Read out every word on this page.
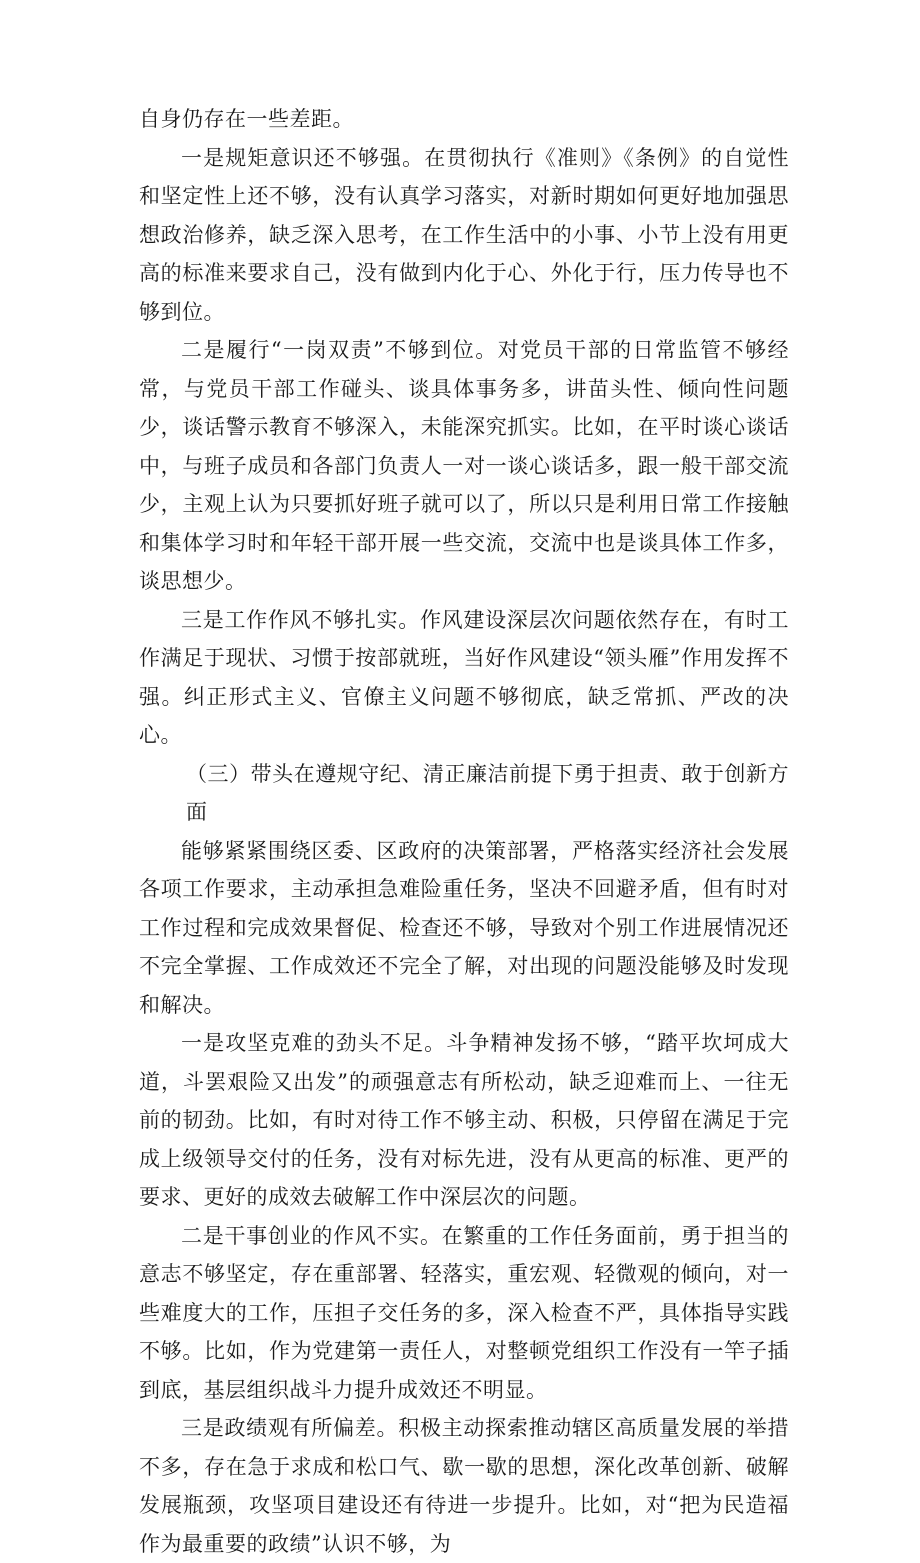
自身仍存在一些差距。

一是规矩意识还不够强。在贯彻执行《准则》《条例》的自觉性和坚定性上还不够，没有认真学习落实，对新时期如何更好地加强思想政治修养，缺乏深入思考，在工作生活中的小事、小节上没有用更高的标准来要求自己，没有做到内化于心、外化于行，压力传导也不够到位。

二是履行“一岗双责”不够到位。对党员干部的日常监管不够经常，与党员干部工作碰头、谈具体事务多，讲苗头性、倾向性问题少，谈话警示教育不够深入，未能深究抓实。比如，在平时谈心谈话中，与班子成员和各部门负责人一对一谈心谈话多，跟一般干部交流少，主观上认为只要抓好班子就可以了，所以只是利用日常工作接触和集体学习时和年轻干部开展一些交流，交流中也是谈具体工作多，谈思想少。

三是工作作风不够扎实。作风建设深层次问题依然存在，有时工作满足于现状、习惯于按部就班，当好作风建设“领头雁”作用发挥不强。纠正形式主义、官僚主义问题不够彻底，缺乏常抓、严改的决心。

（三）带头在遵规守纪、清正廉洁前提下勇于担责、敢于创新方面

能够紧紧围绕区委、区政府的决策部署，严格落实经济社会发展各项工作要求，主动承担急难险重任务，坚决不回避矛盾，但有时对工作过程和完成效果督促、检查还不够，导致对个别工作进展情况还不完全掌握、工作成效还不完全了解，对出现的问题没能够及时发现和解决。

一是攻坚克难的劲头不足。斗争精神发扬不够，“踏平坎坷成大道，斗罢艰险又出发”的顽强意志有所松动，缺乏迎难而上、一往无前的韧劲。比如，有时对待工作不够主动、积极，只停留在满足于完成上级领导交付的任务，没有对标先进，没有从更高的标准、更严的要求、更好的成效去破解工作中深层次的问题。

二是干事创业的作风不实。在繁重的工作任务面前，勇于担当的意志不够坚定，存在重部署、轻落实，重宏观、轻微观的倾向，对一些难度大的工作，压担子交任务的多，深入检查不严，具体指导实践不够。比如，作为党建第一责任人，对整顿党组织工作没有一竿子插到底，基层组织战斗力提升成效还不明显。

三是政绩观有所偏差。积极主动探索推动辖区高质量发展的举措不多，存在急于求成和松口气、歇一歇的思想，深化改革创新、破解发展瓶颈，攻坚项目建设还有待进一步提升。比如，对“把为民造福作为最重要的政绩”认识不够，为
